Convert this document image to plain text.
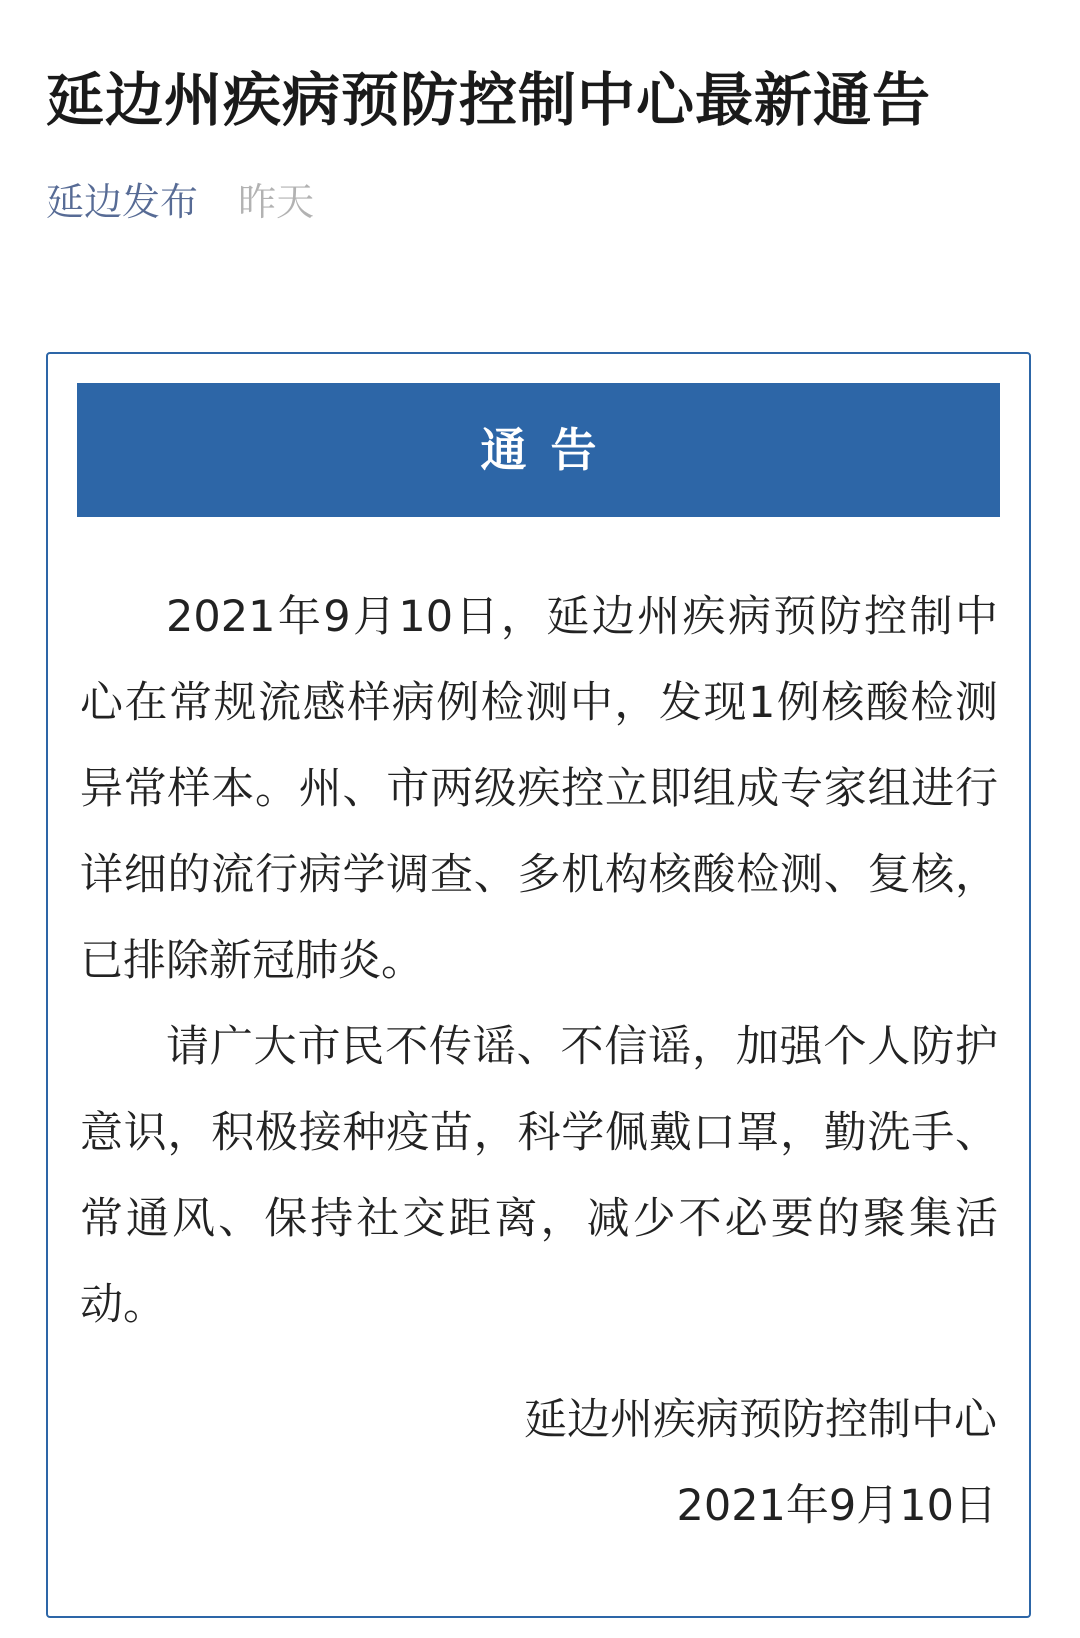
延边州疾病预防控制中心最新通告
延边发布 昨天
通告

2021年9月10日，延边州疾病预防控制中心在常规流感样病例检测中，发现1例核酸检测异常样本。州、市两级疾控立即组成专家组进行详细的流行病学调查、多机构核酸检测、复核，已排除新冠肺炎。

请广大市民不传谣、不信谣，加强个人防护意识，积极接种疫苗，科学佩戴口罩，勤洗手、常通风、保持社交距离，减少不必要的聚集活动。

延边州疾病预防控制中心
2021年9月10日
